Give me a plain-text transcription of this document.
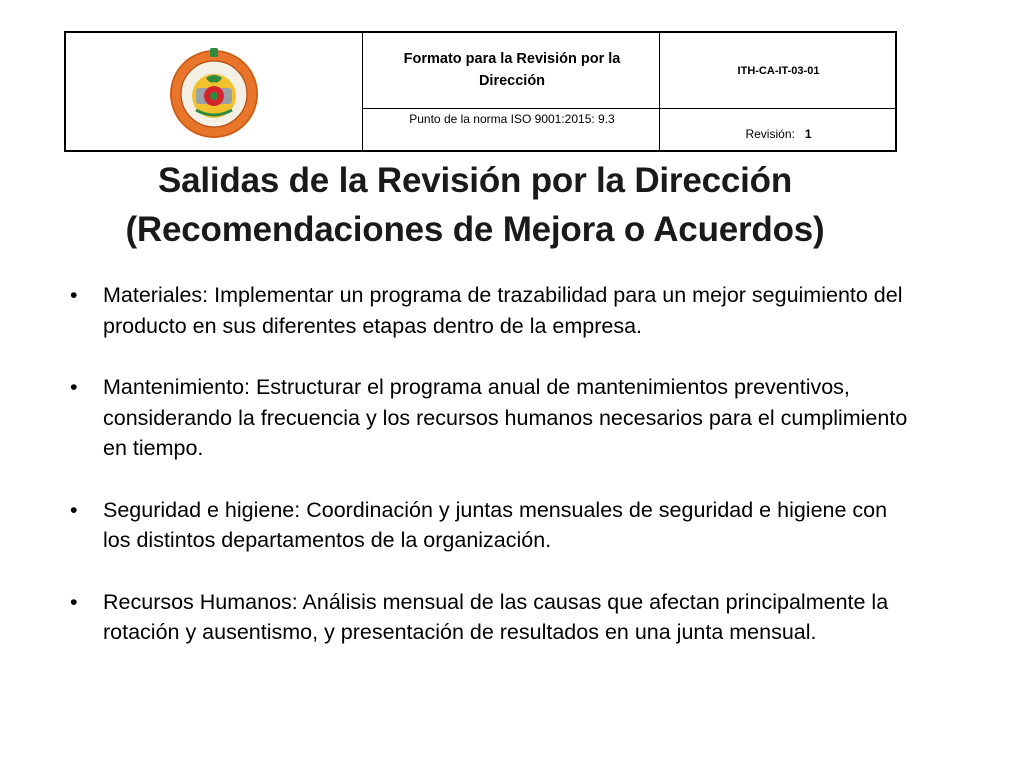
Formato para la Revisión por la Dirección
ITH-CA-IT-03-01
Punto de la norma ISO 9001:2015: 9.3
Revisión: 1
Salidas de la Revisión por la Dirección
(Recomendaciones de Mejora o Acuerdos)
• Materiales: Implementar un programa de trazabilidad para un mejor seguimiento del producto en sus diferentes etapas dentro de la empresa.
• Mantenimiento: Estructurar el programa anual de mantenimientos preventivos, considerando la frecuencia y los recursos humanos necesarios para el cumplimiento en tiempo.
• Seguridad e higiene: Coordinación y juntas mensuales de seguridad e higiene con los distintos departamentos de la organización.
• Recursos Humanos: Análisis mensual de las causas que afectan principalmente la rotación y ausentismo, y presentación de resultados en una junta mensual.
